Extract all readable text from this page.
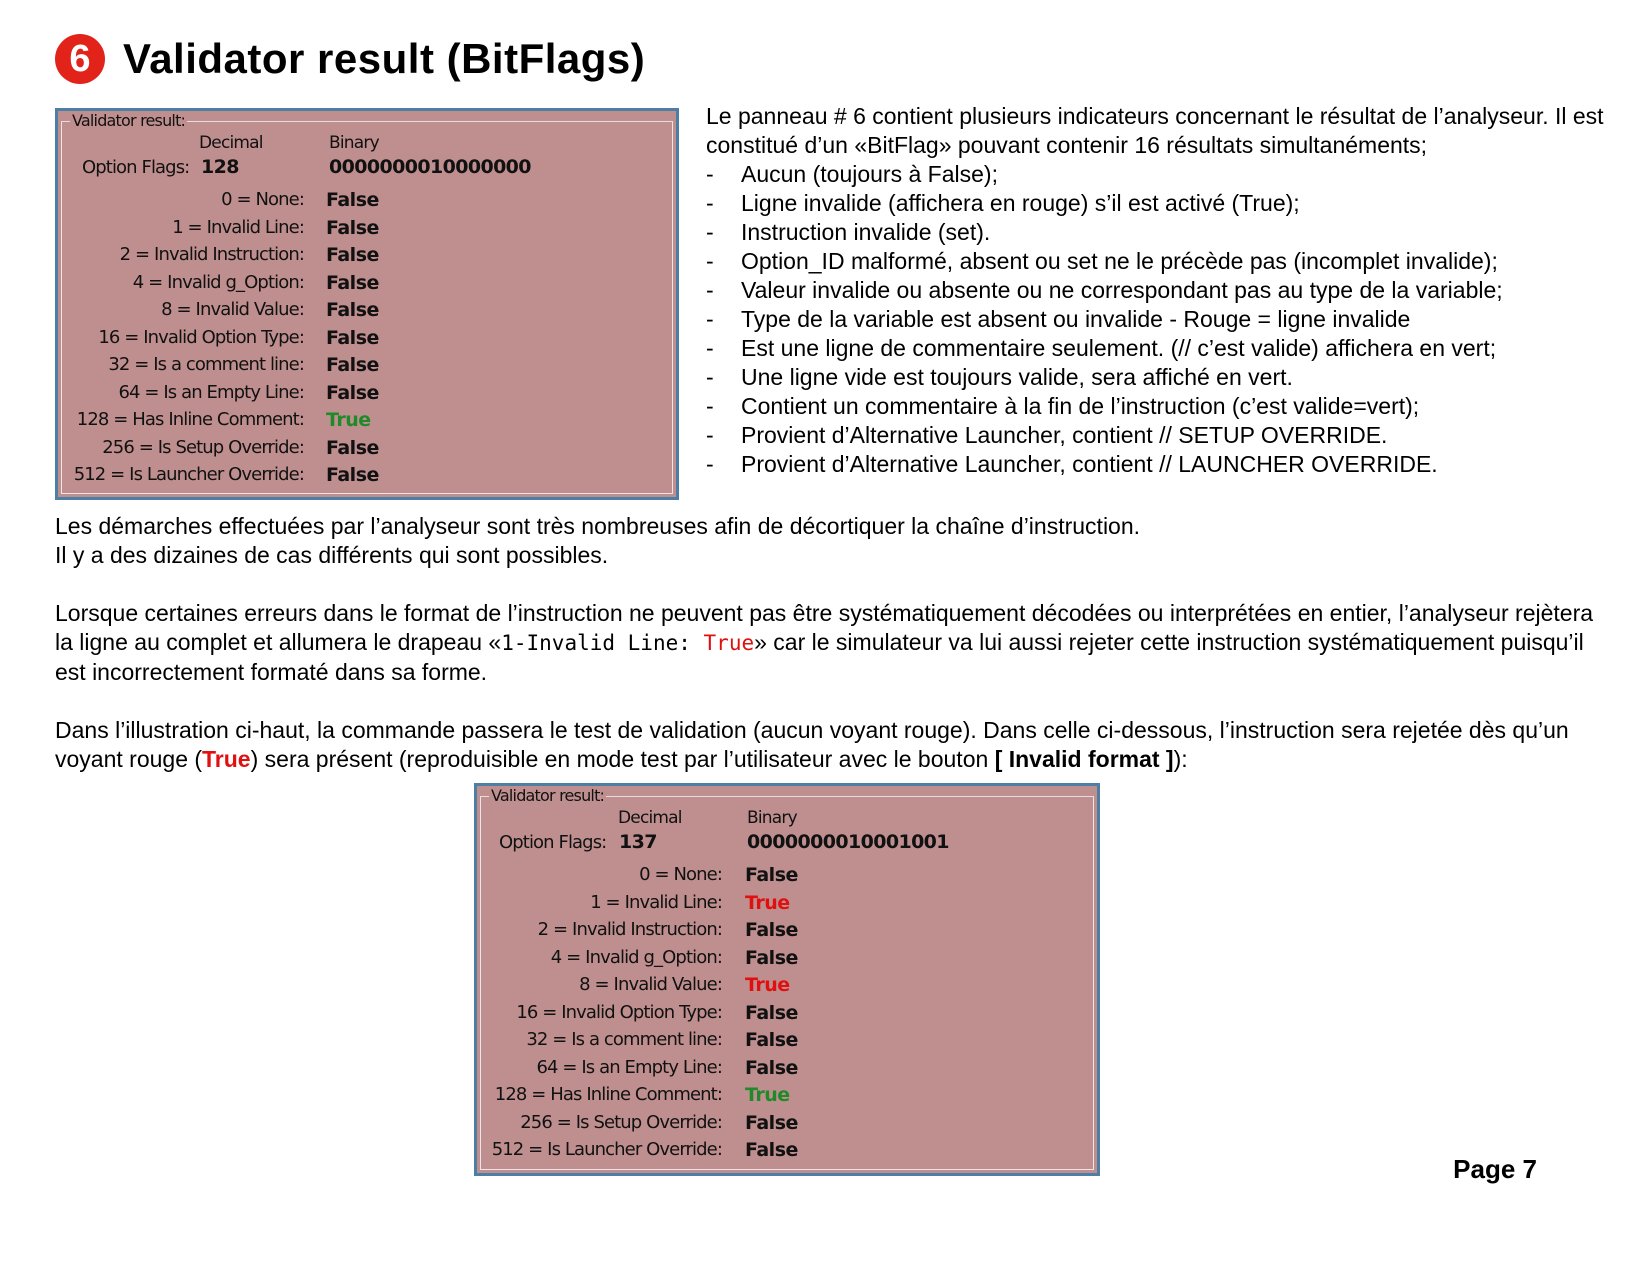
6 Validator result (BitFlags)
Validator result:
Decimal	Binary
Option Flags: 128	0000000010000000
0 = None: False
1 = Invalid Line: False
2 = Invalid Instruction: False
4 = Invalid g_Option: False
8 = Invalid Value: False
16 = Invalid Option Type: False
32 = Is a comment line: False
64 = Is an Empty Line: False
128 = Has Inline Comment: True
256 = Is Setup Override: False
512 = Is Launcher Override: False

Le panneau # 6 contient plusieurs indicateurs concernant le résultat de l’analyseur. Il est constitué d’un «BitFlag» pouvant contenir 16 résultats simultanéments;

- Aucun (toujours à False);
- Ligne invalide (affichera en rouge) s’il est activé (True);
- Instruction invalide (set).
- Option_ID malformé, absent ou set ne le précède pas (incomplet invalide);
- Valeur invalide ou absente ou ne correspondant pas au type de la variable;
- Type de la variable est absent ou invalide - Rouge = ligne invalide
- Est une ligne de commentaire seulement. (// c’est valide) affichera en vert;
- Une ligne vide est toujours valide, sera affiché en vert.
- Contient un commentaire à la fin de l’instruction (c’est valide=vert);
- Provient d’Alternative Launcher, contient // SETUP OVERRIDE.
- Provient d’Alternative Launcher, contient // LAUNCHER OVERRIDE.

Les démarches effectuées par l’analyseur sont très nombreuses afin de décortiquer la chaîne d’instruction.

Il y a des dizaines de cas différents qui sont possibles.

Lorsque certaines erreurs dans le format de l’instruction ne peuvent pas être systématiquement décodées ou interprétées en entier, l’analyseur rejètera la ligne au complet et allumera le drapeau «1-Invalid Line: True» car le simulateur va lui aussi rejeter cette instruction systématiquement puisqu’il est incorrectement formaté dans sa forme.

Dans l’illustration ci-haut, la commande passera le test de validation (aucun voyant rouge). Dans celle ci-dessous, l’instruction sera rejetée dès qu’un voyant rouge (True) sera présent (reproduisible en mode test par l’utilisateur avec le bouton [ Invalid format ]):

Validator result:
Decimal	Binary
Option Flags: 137	0000000010001001
0 = None: False
1 = Invalid Line: True
2 = Invalid Instruction: False
4 = Invalid g_Option: False
8 = Invalid Value: True
16 = Invalid Option Type: False
32 = Is a comment line: False
64 = Is an Empty Line: False
128 = Has Inline Comment: True
256 = Is Setup Override: False
512 = Is Launcher Override: False
Page 7
